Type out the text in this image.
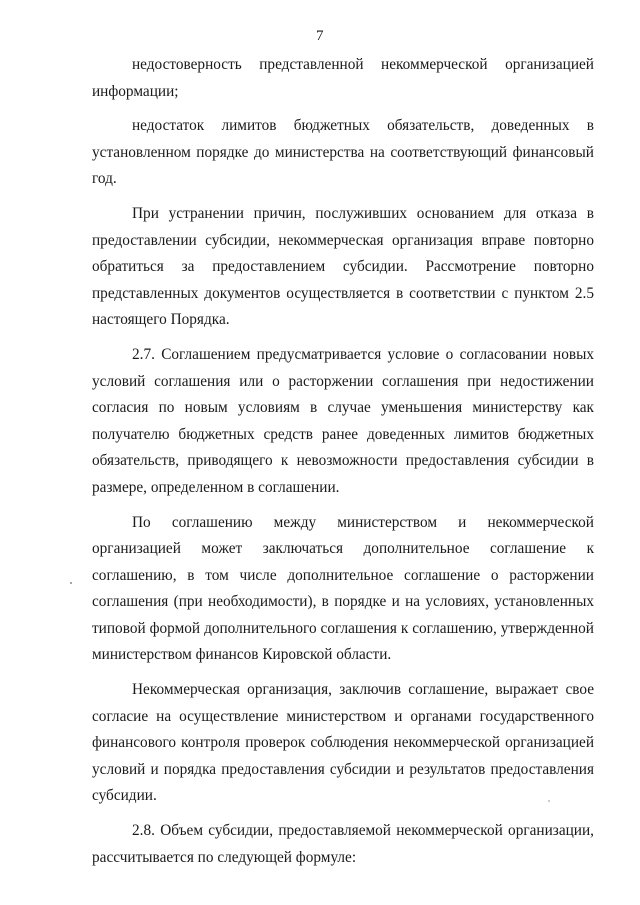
7

недостоверность представленной некоммерческой организацией информации;

недостаток лимитов бюджетных обязательств, доведенных в установленном порядке до министерства на соответствующий финансовый год.

При устранении причин, послуживших основанием для отказа в предоставлении субсидии, некоммерческая организация вправе повторно обратиться за предоставлением субсидии. Рассмотрение повторно представленных документов осуществляется в соответствии с пунктом 2.5 настоящего Порядка.

2.7. Соглашением предусматривается условие о согласовании новых условий соглашения или о расторжении соглашения при недостижении согласия по новым условиям в случае уменьшения министерству как получателю бюджетных средств ранее доведенных лимитов бюджетных обязательств, приводящего к невозможности предоставления субсидии в размере, определенном в соглашении.

По соглашению между министерством и некоммерческой организацией может заключаться дополнительное соглашение к соглашению, в том числе дополнительное соглашение о расторжении соглашения (при необходимости), в порядке и на условиях, установленных типовой формой дополнительного соглашения к соглашению, утвержденной министерством финансов Кировской области.

Некоммерческая организация, заключив соглашение, выражает свое согласие на осуществление министерством и органами государственного финансового контроля проверок соблюдения некоммерческой организацией условий и порядка предоставления субсидии и результатов предоставления субсидии.

2.8. Объем субсидии, предоставляемой некоммерческой организации, рассчитывается по следующей формуле:
